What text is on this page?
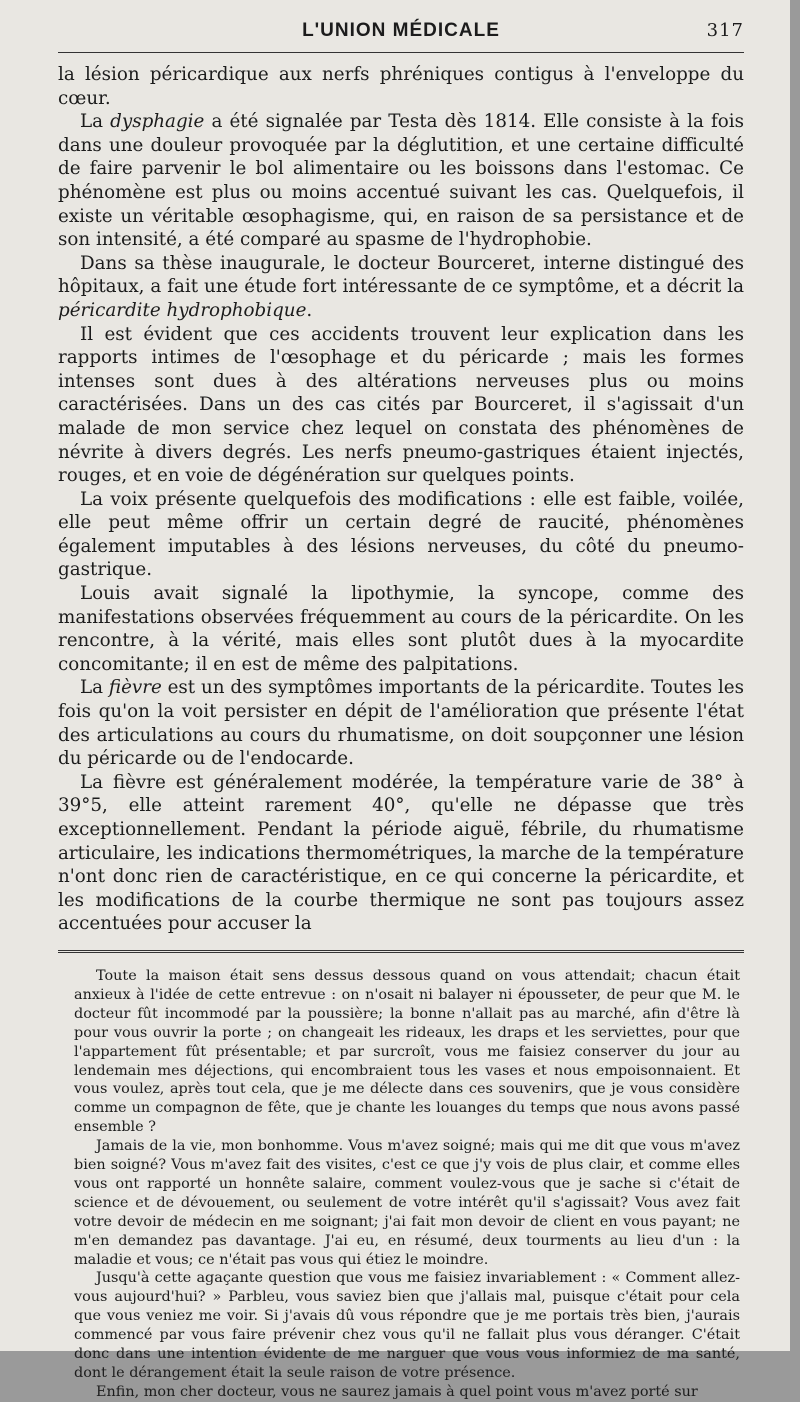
L'UNION MÉDICALE	317

la lésion péricardique aux nerfs phréniques contigus à l'enveloppe du cœur.

La dysphagie a été signalée par Testa dès 1814. Elle consiste à la fois dans une douleur provoquée par la déglutition, et une certaine difficulté de faire parvenir le bol alimentaire ou les boissons dans l'estomac. Ce phénomène est plus ou moins accentué suivant les cas. Quelquefois, il existe un véritable œsophagisme, qui, en raison de sa persistance et de son intensité, a été comparé au spasme de l'hydrophobie.

Dans sa thèse inaugurale, le docteur Bourceret, interne distingué des hôpitaux, a fait une étude fort intéressante de ce symptôme, et a décrit la péricardite hydrophobique.

Il est évident que ces accidents trouvent leur explication dans les rapports intimes de l'œsophage et du péricarde ; mais les formes intenses sont dues à des altérations nerveuses plus ou moins caractérisées. Dans un des cas cités par Bourceret, il s'agissait d'un malade de mon service chez lequel on constata des phénomènes de névrite à divers degrés. Les nerfs pneumo-gastriques étaient injectés, rouges, et en voie de dégénération sur quelques points.

La voix présente quelquefois des modifications : elle est faible, voilée, elle peut même offrir un certain degré de raucité, phénomènes également imputables à des lésions nerveuses, du côté du pneumo-gastrique.

Louis avait signalé la lipothymie, la syncope, comme des manifestations observées fréquemment au cours de la péricardite. On les rencontre, à la vérité, mais elles sont plutôt dues à la myocardite concomitante; il en est de même des palpitations.

La fièvre est un des symptômes importants de la péricardite. Toutes les fois qu'on la voit persister en dépit de l'amélioration que présente l'état des articulations au cours du rhumatisme, on doit soupçonner une lésion du péricarde ou de l'endocarde.

La fièvre est généralement modérée, la température varie de 38° à 39°5, elle atteint rarement 40°, qu'elle ne dépasse que très exceptionnellement. Pendant la période aiguë, fébrile, du rhumatisme articulaire, les indications thermométriques, la marche de la température n'ont donc rien de caractéristique, en ce qui concerne la péricardite, et les modifications de la courbe thermique ne sont pas toujours assez accentuées pour accuser la

Toute la maison était sens dessus dessous quand on vous attendait; chacun était anxieux à l'idée de cette entrevue : on n'osait ni balayer ni épousseter, de peur que M. le docteur fût incommodé par la poussière; la bonne n'allait pas au marché, afin d'être là pour vous ouvrir la porte ; on changeait les rideaux, les draps et les serviettes, pour que l'appartement fût présentable; et par surcroît, vous me faisiez conserver du jour au lendemain mes déjections, qui encombraient tous les vases et nous empoisonnaient. Et vous voulez, après tout cela, que je me délecte dans ces souvenirs, que je vous considère comme un compagnon de fête, que je chante les louanges du temps que nous avons passé ensemble ?

Jamais de la vie, mon bonhomme. Vous m'avez soigné; mais qui me dit que vous m'avez bien soigné? Vous m'avez fait des visites, c'est ce que j'y vois de plus clair, et comme elles vous ont rapporté un honnête salaire, comment voulez-vous que je sache si c'était de science et de dévouement, ou seulement de votre intérêt qu'il s'agissait? Vous avez fait votre devoir de médecin en me soignant; j'ai fait mon devoir de client en vous payant; ne m'en demandez pas davantage. J'ai eu, en résumé, deux tourments au lieu d'un : la maladie et vous; ce n'était pas vous qui étiez le moindre.

Jusqu'à cette agaçante question que vous me faisiez invariablement : « Comment allez-vous aujourd'hui? » Parbleu, vous saviez bien que j'allais mal, puisque c'était pour cela que vous veniez me voir. Si j'avais dû vous répondre que je me portais très bien, j'aurais commencé par vous faire prévenir chez vous qu'il ne fallait plus vous déranger. C'était donc dans une intention évidente de me narguer que vous vous informiez de ma santé, dont le dérangement était la seule raison de votre présence.

Enfin, mon cher docteur, vous ne saurez jamais à quel point vous m'avez porté sur
